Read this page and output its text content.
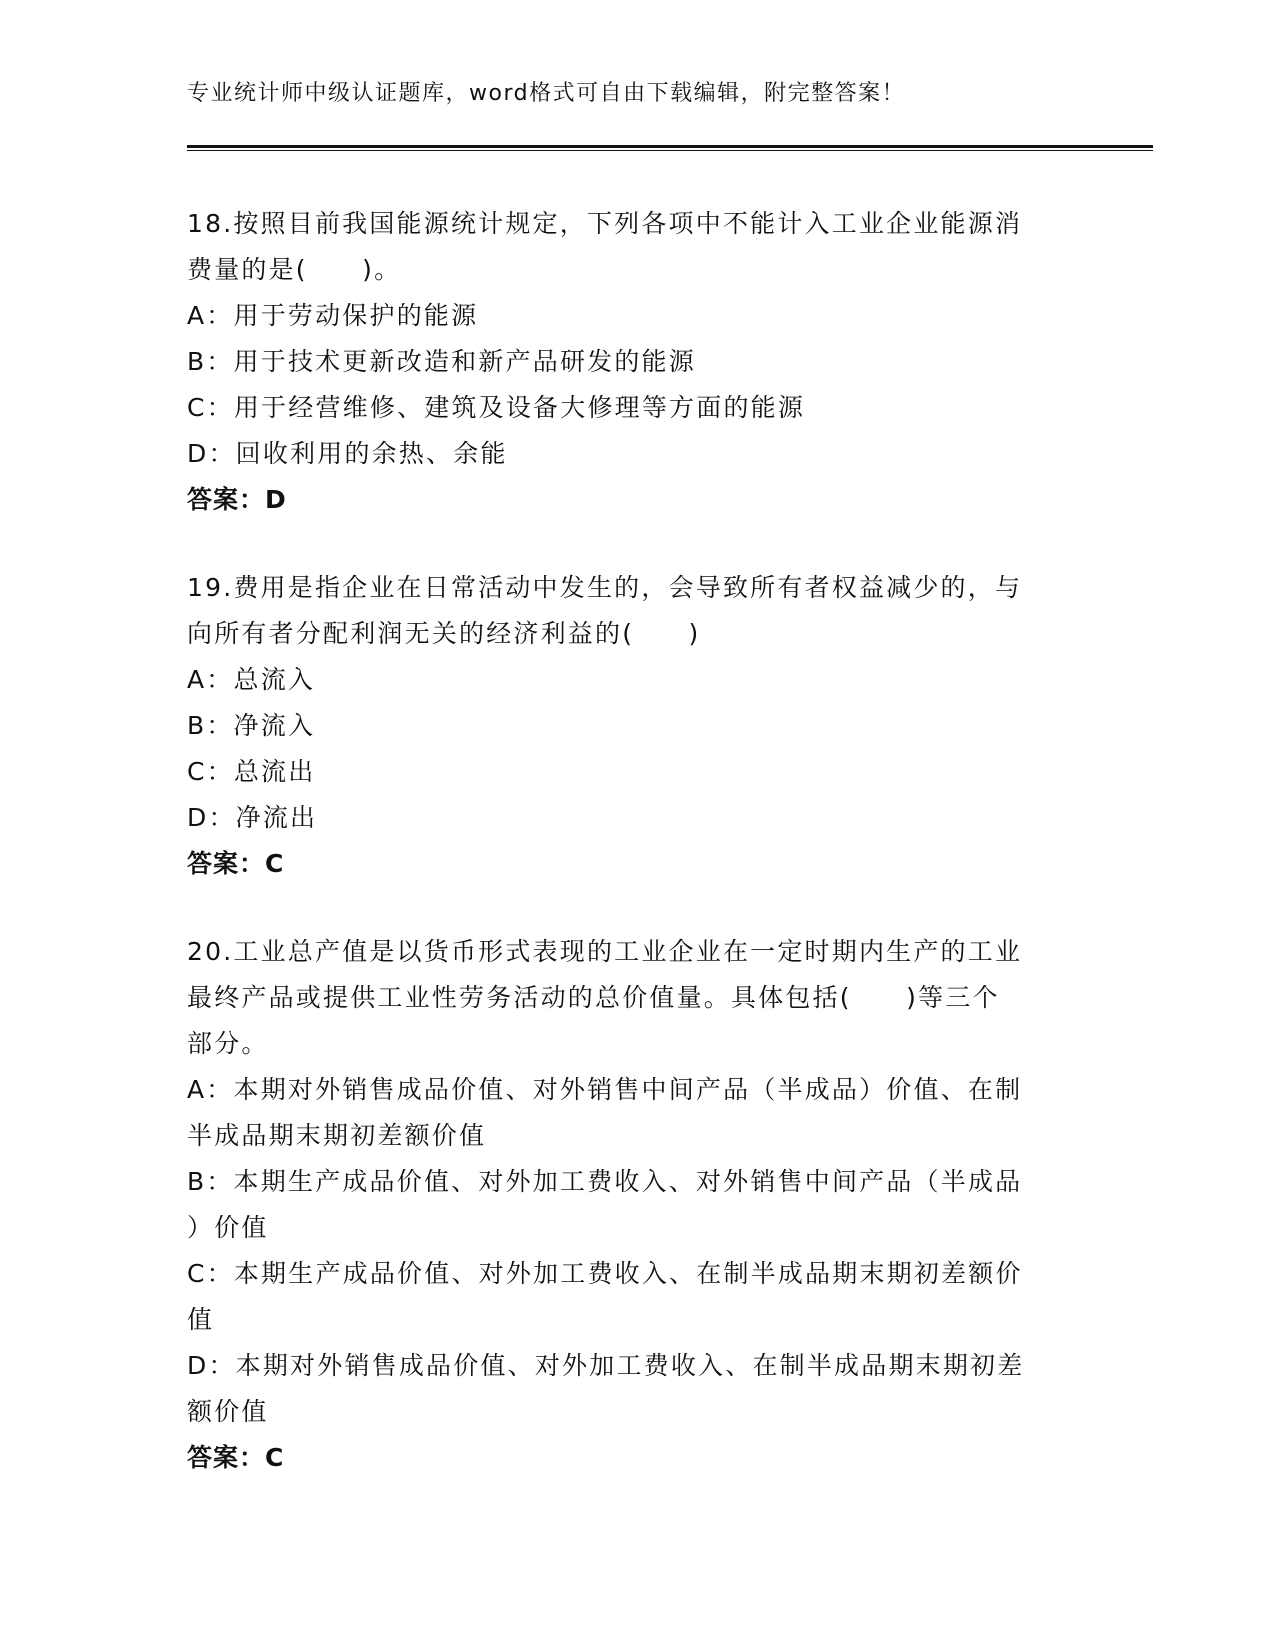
专业统计师中级认证题库，word格式可自由下载编辑，附完整答案！
18.按照目前我国能源统计规定，下列各项中不能计入工业企业能源消
费量的是(　　)。
A：用于劳动保护的能源
B：用于技术更新改造和新产品研发的能源
C：用于经营维修、建筑及设备大修理等方面的能源
D：回收利用的余热、余能
答案：D
19.费用是指企业在日常活动中发生的，会导致所有者权益减少的，与
向所有者分配利润无关的经济利益的(　　)
A：总流入
B：净流入
C：总流出
D：净流出
答案：C
20.工业总产值是以货币形式表现的工业企业在一定时期内生产的工业
最终产品或提供工业性劳务活动的总价值量。具体包括(　　)等三个
部分。
A：本期对外销售成品价值、对外销售中间产品（半成品）价值、在制
半成品期末期初差额价值
B：本期生产成品价值、对外加工费收入、对外销售中间产品（半成品
）价值
C：本期生产成品价值、对外加工费收入、在制半成品期末期初差额价
值
D：本期对外销售成品价值、对外加工费收入、在制半成品期末期初差
额价值
答案：C
